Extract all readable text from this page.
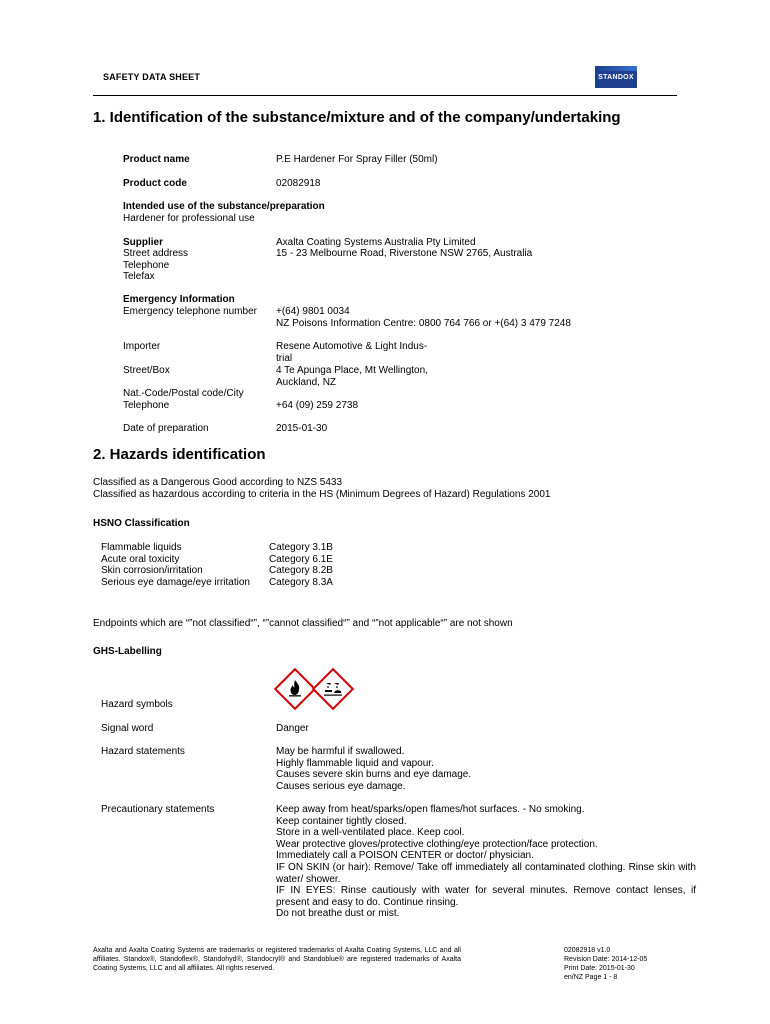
SAFETY DATA SHEET	STANDOX
1. Identification of the substance/mixture and of the company/undertaking
Product name	P.E Hardener For Spray Filler (50ml)
Product code	02082918
Intended use of the substance/preparation
Hardener for professional use
Supplier	Axalta Coating Systems Australia Pty Limited
Street address	15 - 23 Melbourne Road, Riverstone NSW 2765, Australia
Telephone
Telefax
Emergency Information
Emergency telephone number +(64) 9801 0034
NZ Poisons Information Centre: 0800 764 766 or +(64) 3 479 7248
Importer	Resene Automotive & Light Indus-
trial
Street/Box	4 Te Apunga Place, Mt Wellington,
Auckland, NZ
Nat.-Code/Postal code/City
Telephone	+64 (09) 259 2738
Date of preparation	2015-01-30
2. Hazards identification
Classified as a Dangerous Good according to NZS 5433
Classified as hazardous according to criteria in the HS (Minimum Degrees of Hazard) Regulations 2001
HSNO Classification
Flammable liquids	Category 3.1B
Acute oral toxicity	Category 6.1E
Skin corrosion/irritation	Category 8.2B
Serious eye damage/eye irritation Category 8.3A
Endpoints which are “”not classified“”, “”cannot classified“” and “”not applicable“” are not shown
GHS-Labelling
Hazard symbols
Signal word	Danger
Hazard statements	May be harmful if swallowed.
Highly flammable liquid and vapour.
Causes severe skin burns and eye damage.
Causes serious eye damage.
Precautionary statements	Keep away from heat/sparks/open flames/hot surfaces. - No smoking.
Keep container tightly closed.
Store in a well-ventilated place. Keep cool.
Wear protective gloves/protective clothing/eye protection/face protection.
Immediately call a POISON CENTER or doctor/ physician.
IF ON SKIN (or hair): Remove/ Take off immediately all contaminated clothing. Rinse skin with water/ shower.
IF IN EYES: Rinse cautiously with water for several minutes. Remove contact lenses, if present and easy to do. Continue rinsing.
Do not breathe dust or mist.
Axalta and Axalta Coating Systems are trademarks or registered trademarks of Axalta Coating Systems, LLC and all affiliates. Standox®, Standoflex®, Standohyd®, Standocryl® and Standoblue® are registered trademarks of Axalta Coating Systems, LLC and all affiliates. All rights reserved.
02082918 v1.0
Revision Date: 2014-12-05
Print Date: 2015-01-30
en/NZ Page 1 - 8
